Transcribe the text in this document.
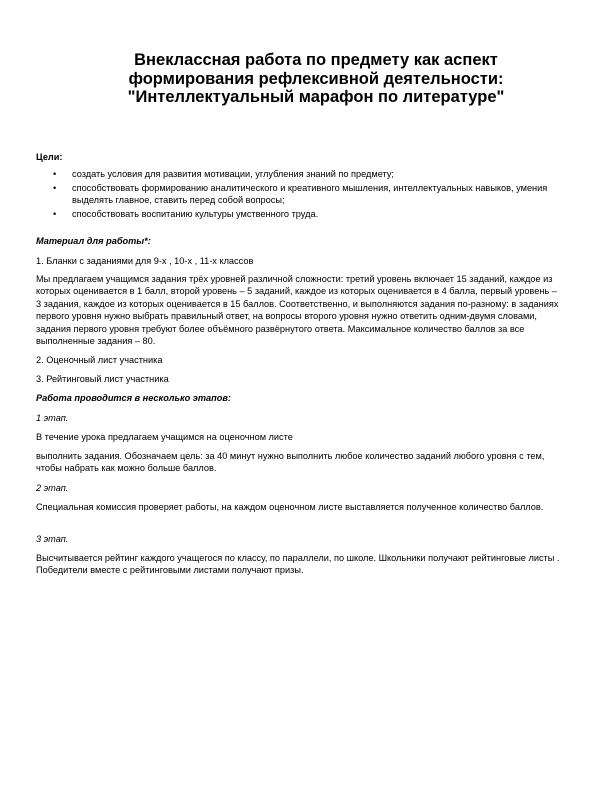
Внеклассная работа по предмету как аспект
формирования рефлексивной деятельности:
"Интеллектуальный марафон по литературе"
Цели:
• создать условия для развития мотивации, углубления знаний по предмету;
• способствовать формированию аналитического и креативного мышления, интеллектуальных навыков, умения выделять главное, ставить перед собой вопросы;
• способствовать воспитанию культуры умственного труда.
Материал для работы*:
1. Бланки с заданиями для 9-х , 10-х , 11-х классов
Мы предлагаем учащимся задания трёх уровней различной сложности: третий уровень включает 15 заданий, каждое из которых оценивается в 1 балл, второй уровень – 5 заданий, каждое из которых оценивается в 4 балла, первый уровень – 3 задания, каждое из которых оценивается в 15 баллов. Соответственно, и выполняются задания по-разному: в заданиях первого уровня нужно выбрать правильный ответ, на вопросы второго уровня нужно ответить одним-двумя словами, задания первого уровня требуют более объёмного развёрнутого ответа. Максимальное количество баллов за все выполненные задания – 80.
2. Оценочный лист участника
3. Рейтинговый лист участника
Работа проводится в несколько этапов:
1 этап.
В течение урока предлагаем учащимся на оценочном листе
выполнить задания. Обозначаем цель: за 40 минут нужно выполнить любое количество заданий любого уровня с тем, чтобы набрать как можно больше баллов.
2 этап.
Специальная комиссия проверяет работы, на каждом оценочном листе выставляется полученное количество баллов.
3 этап.
Высчитывается рейтинг каждого учащегося по классу, по параллели, по школе. Школьники получают рейтинговые листы . Победители вместе с рейтинговыми листами получают призы.
